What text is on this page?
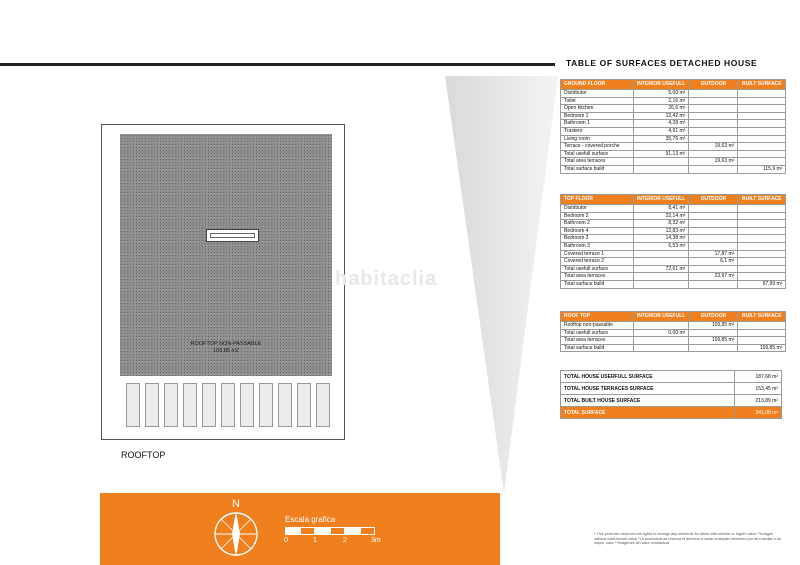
TABLE OF SURFACES DETACHED HOUSE
ROOFTOP NON-PASSABLE
109,85 m2
ROOFTOP
habitaclia
N
Escala grafica
0	1	2	3m
GROUND FLOOR	INTERIOR USEFULL	OUTDOOR	BUILT SURFACE
Distributor	5,00 m²		
Toilet	2,16 m²		
Open kitchen	26,6 m²		
Bedroom 1	12,42 m²		
Bathroom 1	4,28 m²		
Trastero	4,91 m²		
Living room	35,76 m²		
Terrace - covered porche		19,63 m²	
Total usefull surface	91,13 m²		
Total area terraces		19,63 m²	
Total surface build			115,9 m²
TOP FLOOR	INTERIOR USEFULL	OUTDOOR	BUILT SURFACE
Distributor	8,41 m²		
Bedroom 2	22,14 m²		
Bathroom 2	8,32 m²		
Bedroom 4	12,83 m²		
Bedroom 3	14,38 m²		
Bathroom 3	6,53 m²		
Covered terrace 1		17,87 m²	
Covered terrace 2		6,1 m²	
Total usefull surface	72,61 m²		
Total area terraces		23,97 m²	
Total surface build			97,99 m²
ROOF TOP	INTERIOR USEFULL	OUTDOOR	BUILT SURFACE
Rooftop non-passable		109,85 m²	
Total usefull surface	0,00 m²		
Total area terraces		109,85 m²	
Total surface build			109,85 m²
TOTAL HOUSE USERFULL SURFACE	187,68 m²
TOTAL HOUSE TERRACES SURFACE	153,45 m²
TOTAL BUILT HOUSE SURFACE	213,89 m²
TOTAL SURFACE	341,08 m²
* This promotor reserves the rights to change any elements for items with simular or higher value **Images without contractural value *La promotora se reserva el derecho a variar cualquier elemento por otro similar o de mayor valor **Imágenes sin valor contractual
